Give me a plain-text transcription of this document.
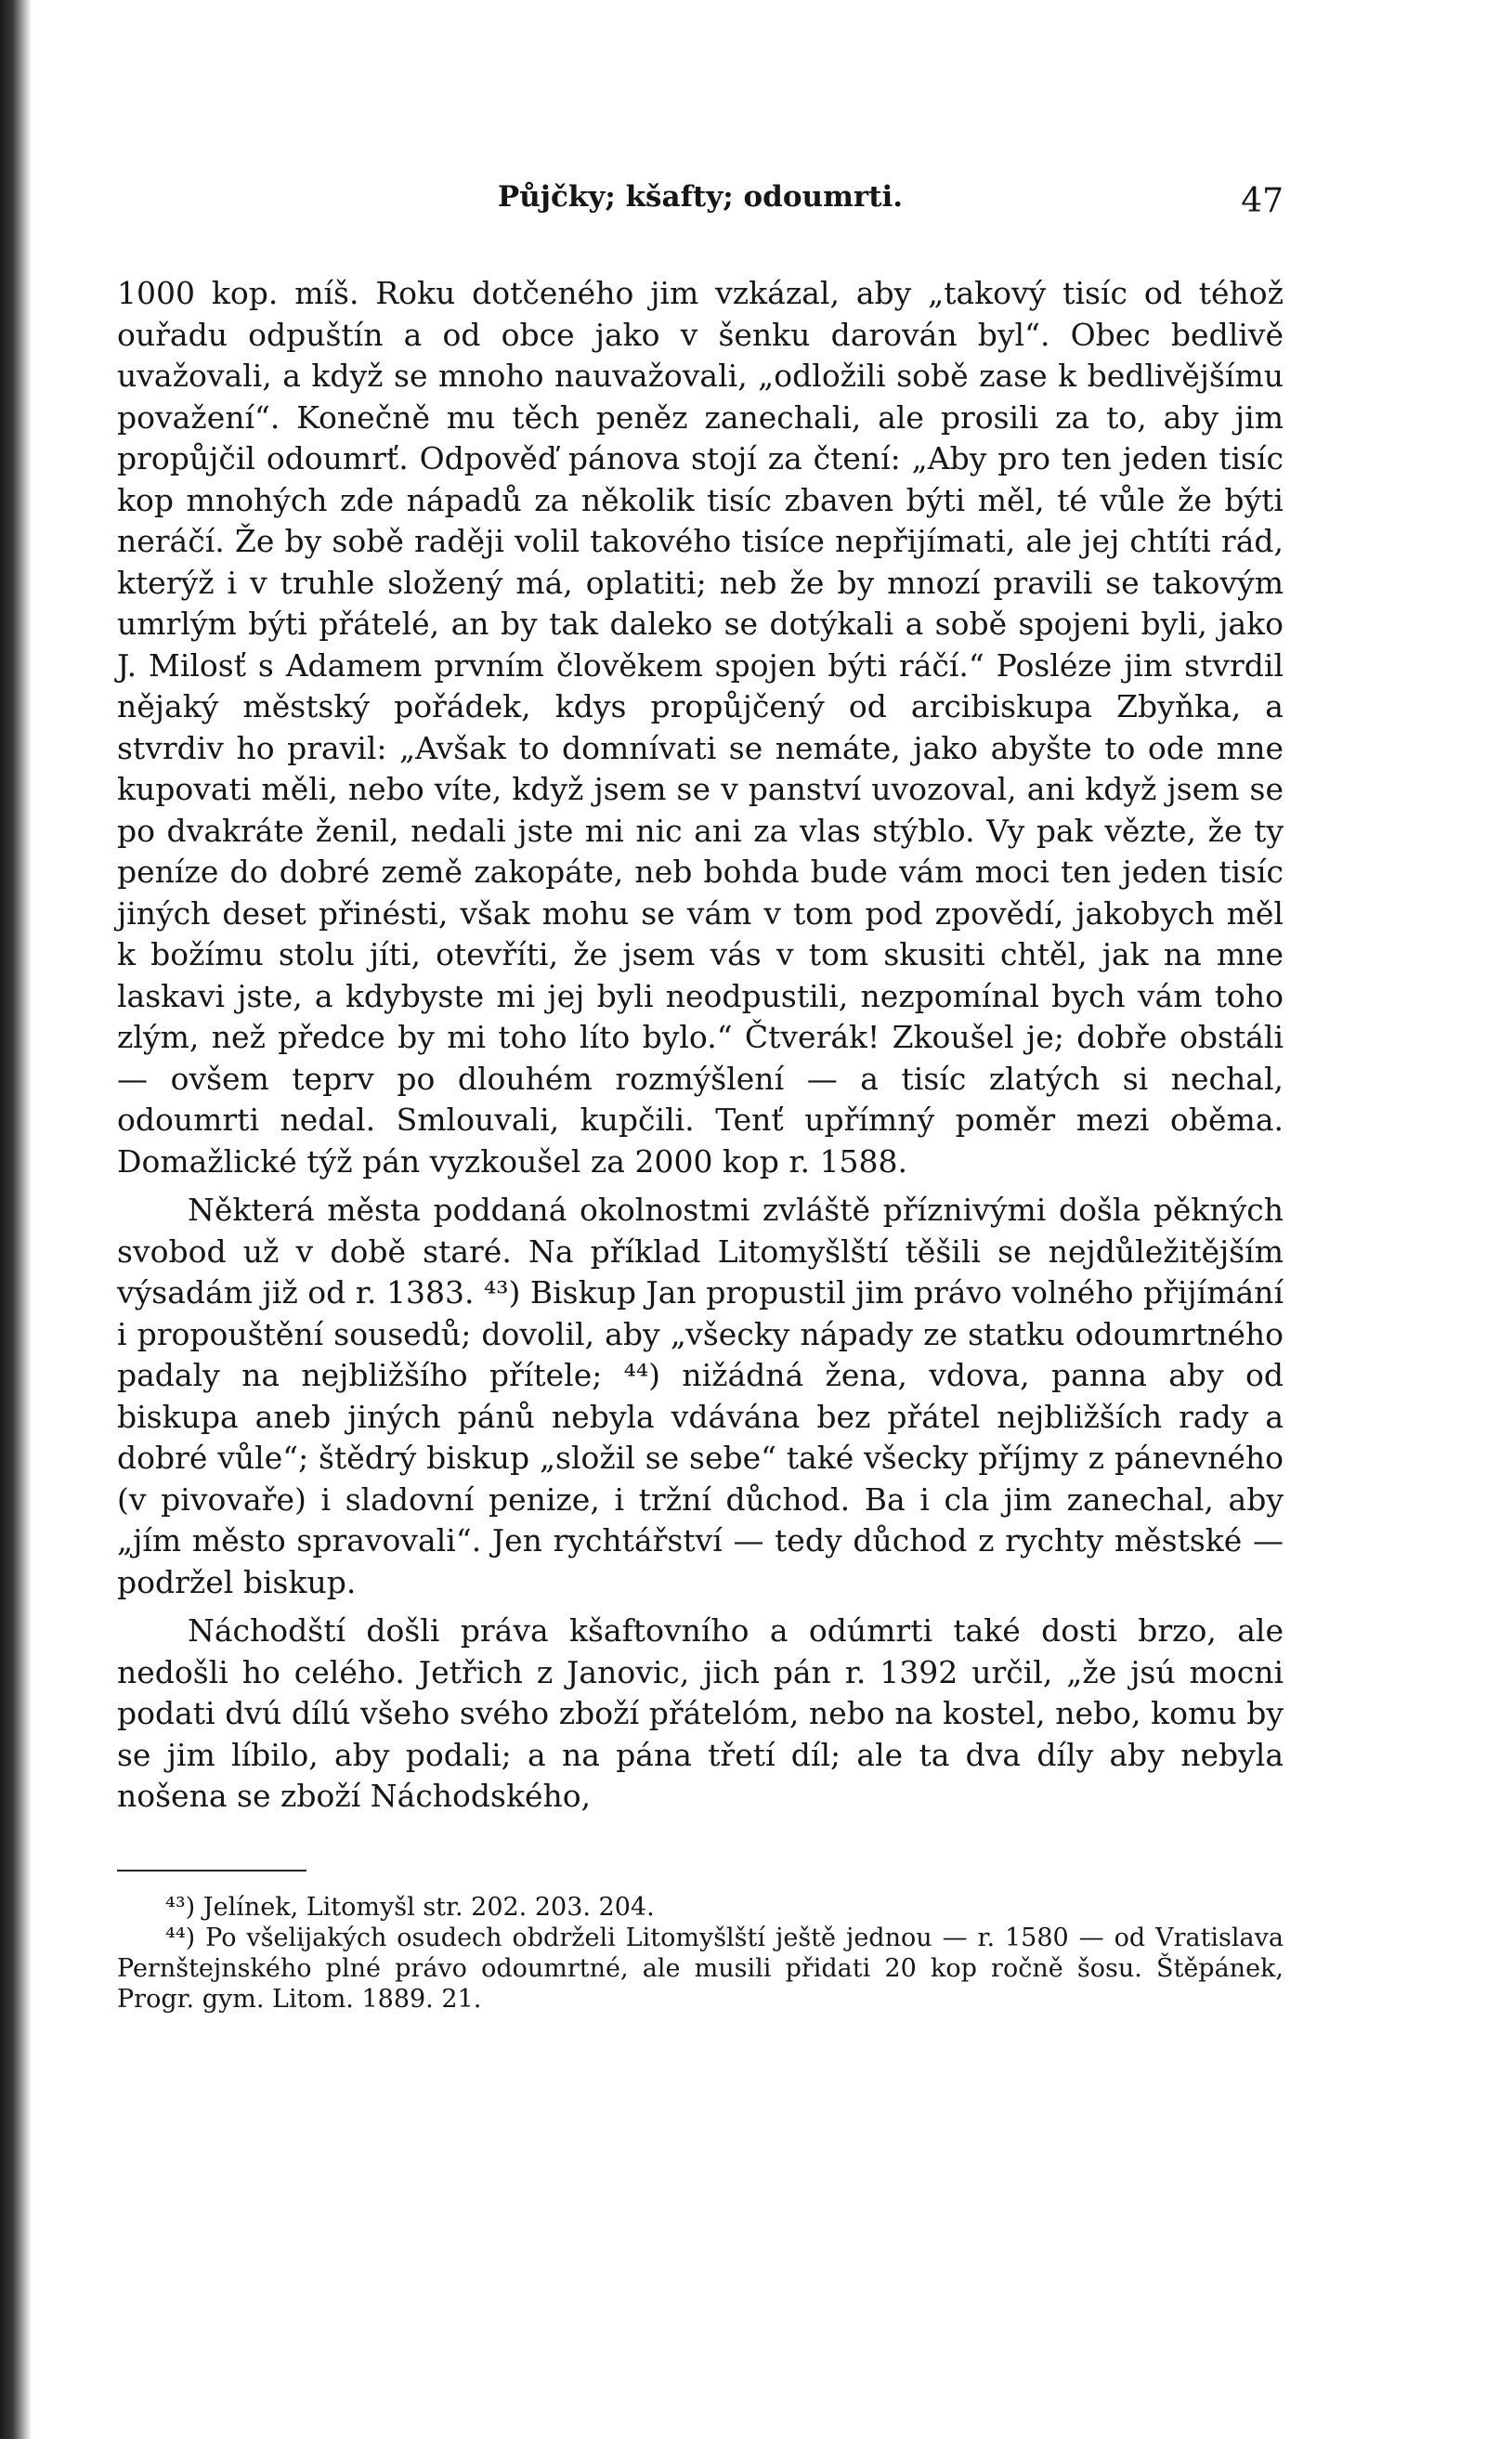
Půjčky; kšafty; odoumrti.	47

1000 kop. míš. Roku dotčeného jim vzkázal, aby „takový tisíc od téhož ouřadu odpuštín a od obce jako v šenku darován byl“. Obec bedlivě uvažovali, a když se mnoho nauvažovali, „odložili sobě zase k bedlivějšímu považení“. Konečně mu těch peněz zanechali, ale prosili za to, aby jim propůjčil odoumrť. Odpověď pánova stojí za čtení: „Aby pro ten jeden tisíc kop mnohých zde nápadů za několik tisíc zbaven býti měl, té vůle že býti neráčí. Že by sobě raději volil takového tisíce nepřijímati, ale jej chtíti rád, kterýž i v truhle složený má, oplatiti; neb že by mnozí pravili se takovým umrlým býti přátelé, an by tak daleko se dotýkali a sobě spojeni byli, jako J. Milosť s Adamem prvním člověkem spojen býti ráčí.“ Posléze jim stvrdil nějaký městský pořádek, kdys propůjčený od arcibiskupa Zbyňka, a stvrdiv ho pravil: „Avšak to domnívati se nemáte, jako abyšte to ode mne kupovati měli, nebo víte, když jsem se v panství uvozoval, ani když jsem se po dvakráte ženil, nedali jste mi nic ani za vlas stýblo. Vy pak vězte, že ty peníze do dobré země zakopáte, neb bohda bude vám moci ten jeden tisíc jiných deset přinésti, však mohu se vám v tom pod zpovědí, jakobych měl k božímu stolu jíti, otevříti, že jsem vás v tom skusiti chtěl, jak na mne laskavi jste, a kdybyste mi jej byli neodpustili, nezpomínal bych vám toho zlým, než předce by mi toho líto bylo.“ Čtverák! Zkoušel je; dobře obstáli — ovšem teprv po dlouhém rozmýšlení — a tisíc zlatých si nechal, odoumrti nedal. Smlouvali, kupčili. Tenť upřímný poměr mezi oběma. Domažlické týž pán vyzkoušel za 2000 kop r. 1588.

Některá města poddaná okolnostmi zvláště příznivými došla pěkných svobod už v době staré. Na příklad Litomyšlští těšili se nejdůležitějším výsadám již od r. 1383. ⁴³) Biskup Jan propustil jim právo volného přijímání i propouštění sousedů; dovolil, aby „všecky nápady ze statku odoumrtného padaly na nejbližšího přítele; ⁴⁴) nižádná žena, vdova, panna aby od biskupa aneb jiných pánů nebyla vdávána bez přátel nejbližších rady a dobré vůle“; štědrý biskup „složil se sebe“ také všecky příjmy z pánevného (v pivovaře) i sladovní penize, i tržní důchod. Ba i cla jim zanechal, aby „jím město spravovali“. Jen rychtářství — tedy důchod z rychty městské — podržel biskup.

Náchodští došli práva kšaftovního a odúmrti také dosti brzo, ale nedošli ho celého. Jetřich z Janovic, jich pán r. 1392 určil, „že jsú mocni podati dvú dílú všeho svého zboží přátelóm, nebo na kostel, nebo, komu by se jim líbilo, aby podali; a na pána třetí díl; ale ta dva díly aby nebyla nošena se zboží Náchodského,

⁴³) Jelínek, Litomyšl str. 202. 203. 204.

⁴⁴) Po všelijakých osudech obdrželi Litomyšlští ještě jednou — r. 1580 — od Vratislava Pernštejnského plné právo odoumrtné, ale musili přidati 20 kop ročně šosu. Štěpánek, Progr. gym. Litom. 1889. 21.
